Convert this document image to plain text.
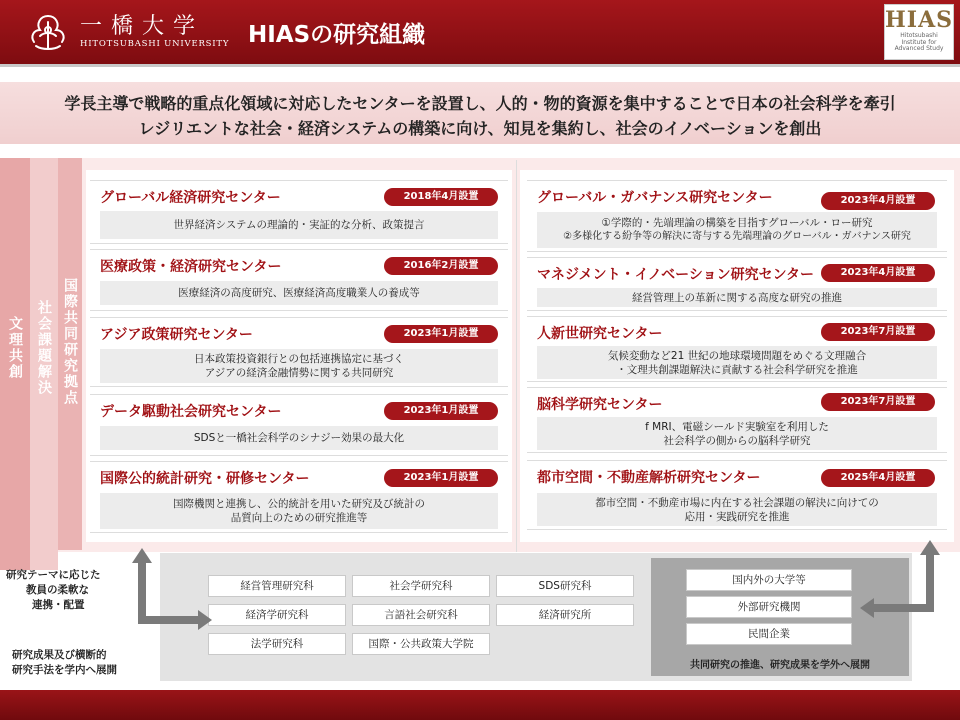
一橋大学
HITOTSUBASHI UNIVERSITY HIASの研究組織
HIAS
Hitotsubashi
Institute for
Advanced Study
学長主導で戦略的重点化領域に対応したセンターを設置し、人的・物的資源を集中することで日本の社会科学を牽引
レジリエントな社会・経済システムの構築に向け、知見を集約し、社会のイノベーションを創出
文理共創 社会課題解決 国際共同研究拠点
グローバル経済研究センター	2018年4月設置
世界経済システムの理論的・実証的な分析、政策提言
医療政策・経済研究センター	2016年2月設置
医療経済の高度研究、医療経済高度職業人の養成等
アジア政策研究センター	2023年1月設置
日本政策投資銀行との包括連携協定に基づく
アジアの経済金融情勢に関する共同研究
データ駆動社会研究センター	2023年1月設置
SDSと一橋社会科学のシナジー効果の最大化
国際公的統計研究・研修センター	2023年1月設置
国際機関と連携し、公的統計を用いた研究及び統計の
品質向上のための研究推進等
グローバル・ガバナンス研究センター	2023年4月設置
①学際的・先端理論の構築を目指すグローバル・ロー研究
②多様化する紛争等の解決に寄与する先端理論のグローバル・ガバナンス研究
マネジメント・イノベーション研究センター	2023年4月設置
経営管理上の革新に関する高度な研究の推進
人新世研究センター	2023年7月設置
気候変動など21 世紀の地球環境問題をめぐる文理融合
・文理共創課題解決に貢献する社会科学研究を推進
脳科学研究センター	2023年7月設置
f MRI、電磁シールド実験室を利用した
社会科学の側からの脳科学研究
都市空間・不動産解析研究センター	2025年4月設置
都市空間・不動産市場に内在する社会課題の解決に向けての
応用・実践研究を推進
経営管理研究科	社会学研究科	SDS研究科
経済学研究科	言語社会研究科	経済研究所
法学研究科	国際・公共政策大学院
国内外の大学等
外部研究機関
民間企業
共同研究の推進、研究成果を学外へ展開
研究テーマに応じた
教員の柔軟な
連携・配置
研究成果及び横断的
研究手法を学内へ展開
